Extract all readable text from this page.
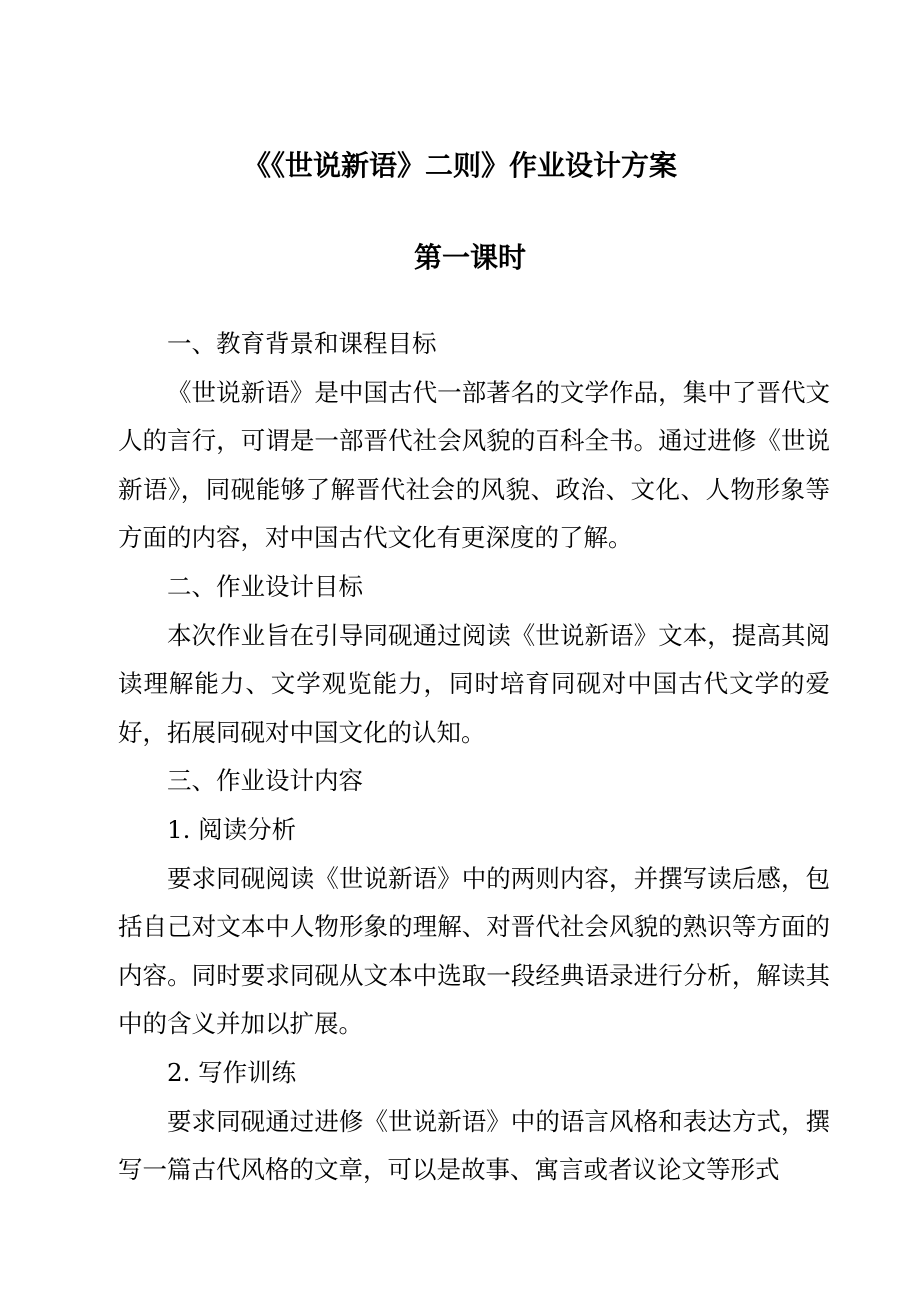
《《世说新语》二则》作业设计方案
第一课时

一、教育背景和课程目标

《世说新语》是中国古代一部著名的文学作品，集中了晋代文人的言行，可谓是一部晋代社会风貌的百科全书。通过进修《世说新语》，同砚能够了解晋代社会的风貌、政治、文化、人物形象等方面的内容，对中国古代文化有更深度的了解。

二、作业设计目标

本次作业旨在引导同砚通过阅读《世说新语》文本，提高其阅读理解能力、文学观览能力，同时培育同砚对中国古代文学的爱好，拓展同砚对中国文化的认知。

三、作业设计内容

1. 阅读分析

要求同砚阅读《世说新语》中的两则内容，并撰写读后感，包括自己对文本中人物形象的理解、对晋代社会风貌的熟识等方面的内容。同时要求同砚从文本中选取一段经典语录进行分析，解读其中的含义并加以扩展。

2. 写作训练

要求同砚通过进修《世说新语》中的语言风格和表达方式，撰写一篇古代风格的文章，可以是故事、寓言或者议论文等形式
